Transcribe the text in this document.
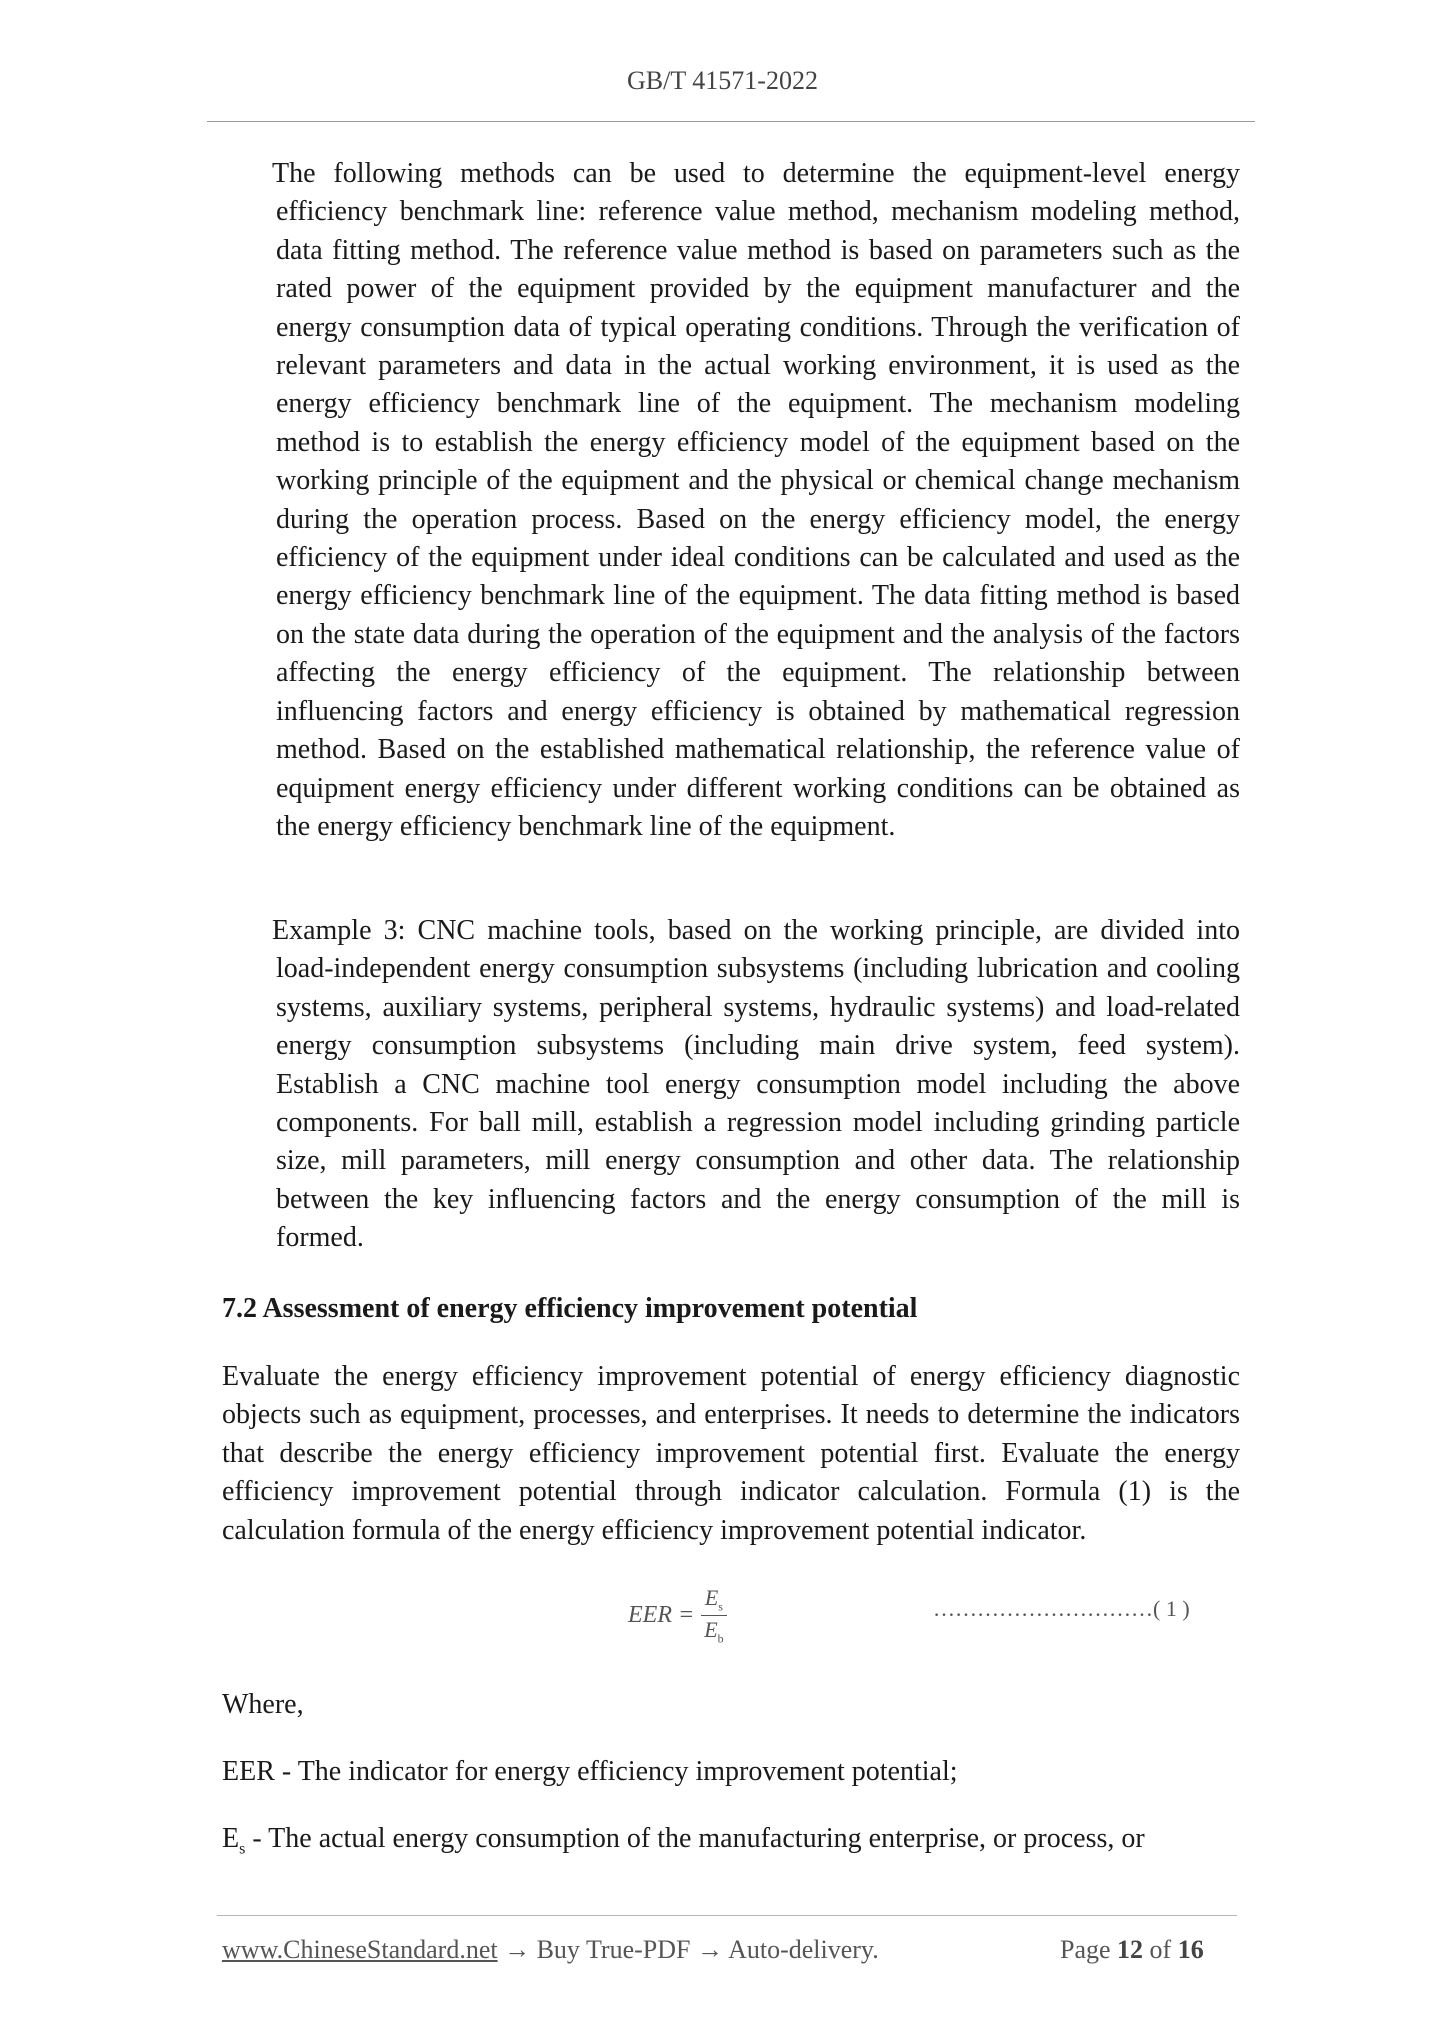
GB/T 41571-2022

The following methods can be used to determine the equipment-level energy efficiency benchmark line: reference value method, mechanism modeling method, data fitting method. The reference value method is based on parameters such as the rated power of the equipment provided by the equipment manufacturer and the energy consumption data of typical operating conditions. Through the verification of relevant parameters and data in the actual working environment, it is used as the energy efficiency benchmark line of the equipment. The mechanism modeling method is to establish the energy efficiency model of the equipment based on the working principle of the equipment and the physical or chemical change mechanism during the operation process. Based on the energy efficiency model, the energy efficiency of the equipment under ideal conditions can be calculated and used as the energy efficiency benchmark line of the equipment. The data fitting method is based on the state data during the operation of the equipment and the analysis of the factors affecting the energy efficiency of the equipment. The relationship between influencing factors and energy efficiency is obtained by mathematical regression method. Based on the established mathematical relationship, the reference value of equipment energy efficiency under different working conditions can be obtained as the energy efficiency benchmark line of the equipment.

Example 3: CNC machine tools, based on the working principle, are divided into load-independent energy consumption subsystems (including lubrication and cooling systems, auxiliary systems, peripheral systems, hydraulic systems) and load-related energy consumption subsystems (including main drive system, feed system). Establish a CNC machine tool energy consumption model including the above components. For ball mill, establish a regression model including grinding particle size, mill parameters, mill energy consumption and other data. The relationship between the key influencing factors and the energy consumption of the mill is formed.

7.2 Assessment of energy efficiency improvement potential

Evaluate the energy efficiency improvement potential of energy efficiency diagnostic objects such as equipment, processes, and enterprises. It needs to determine the indicators that describe the energy efficiency improvement potential first. Evaluate the energy efficiency improvement potential through indicator calculation. Formula (1) is the calculation formula of the energy efficiency improvement potential indicator.

EER = $\frac{E_s}{E_b}$	…………………………( 1 )
Where,
EER - The indicator for energy efficiency improvement potential;
$E_s$ - The actual energy consumption of the manufacturing enterprise, or process, or
www.ChineseStandard.net → Buy True-PDF → Auto-delivery.	Page 12 of 16
